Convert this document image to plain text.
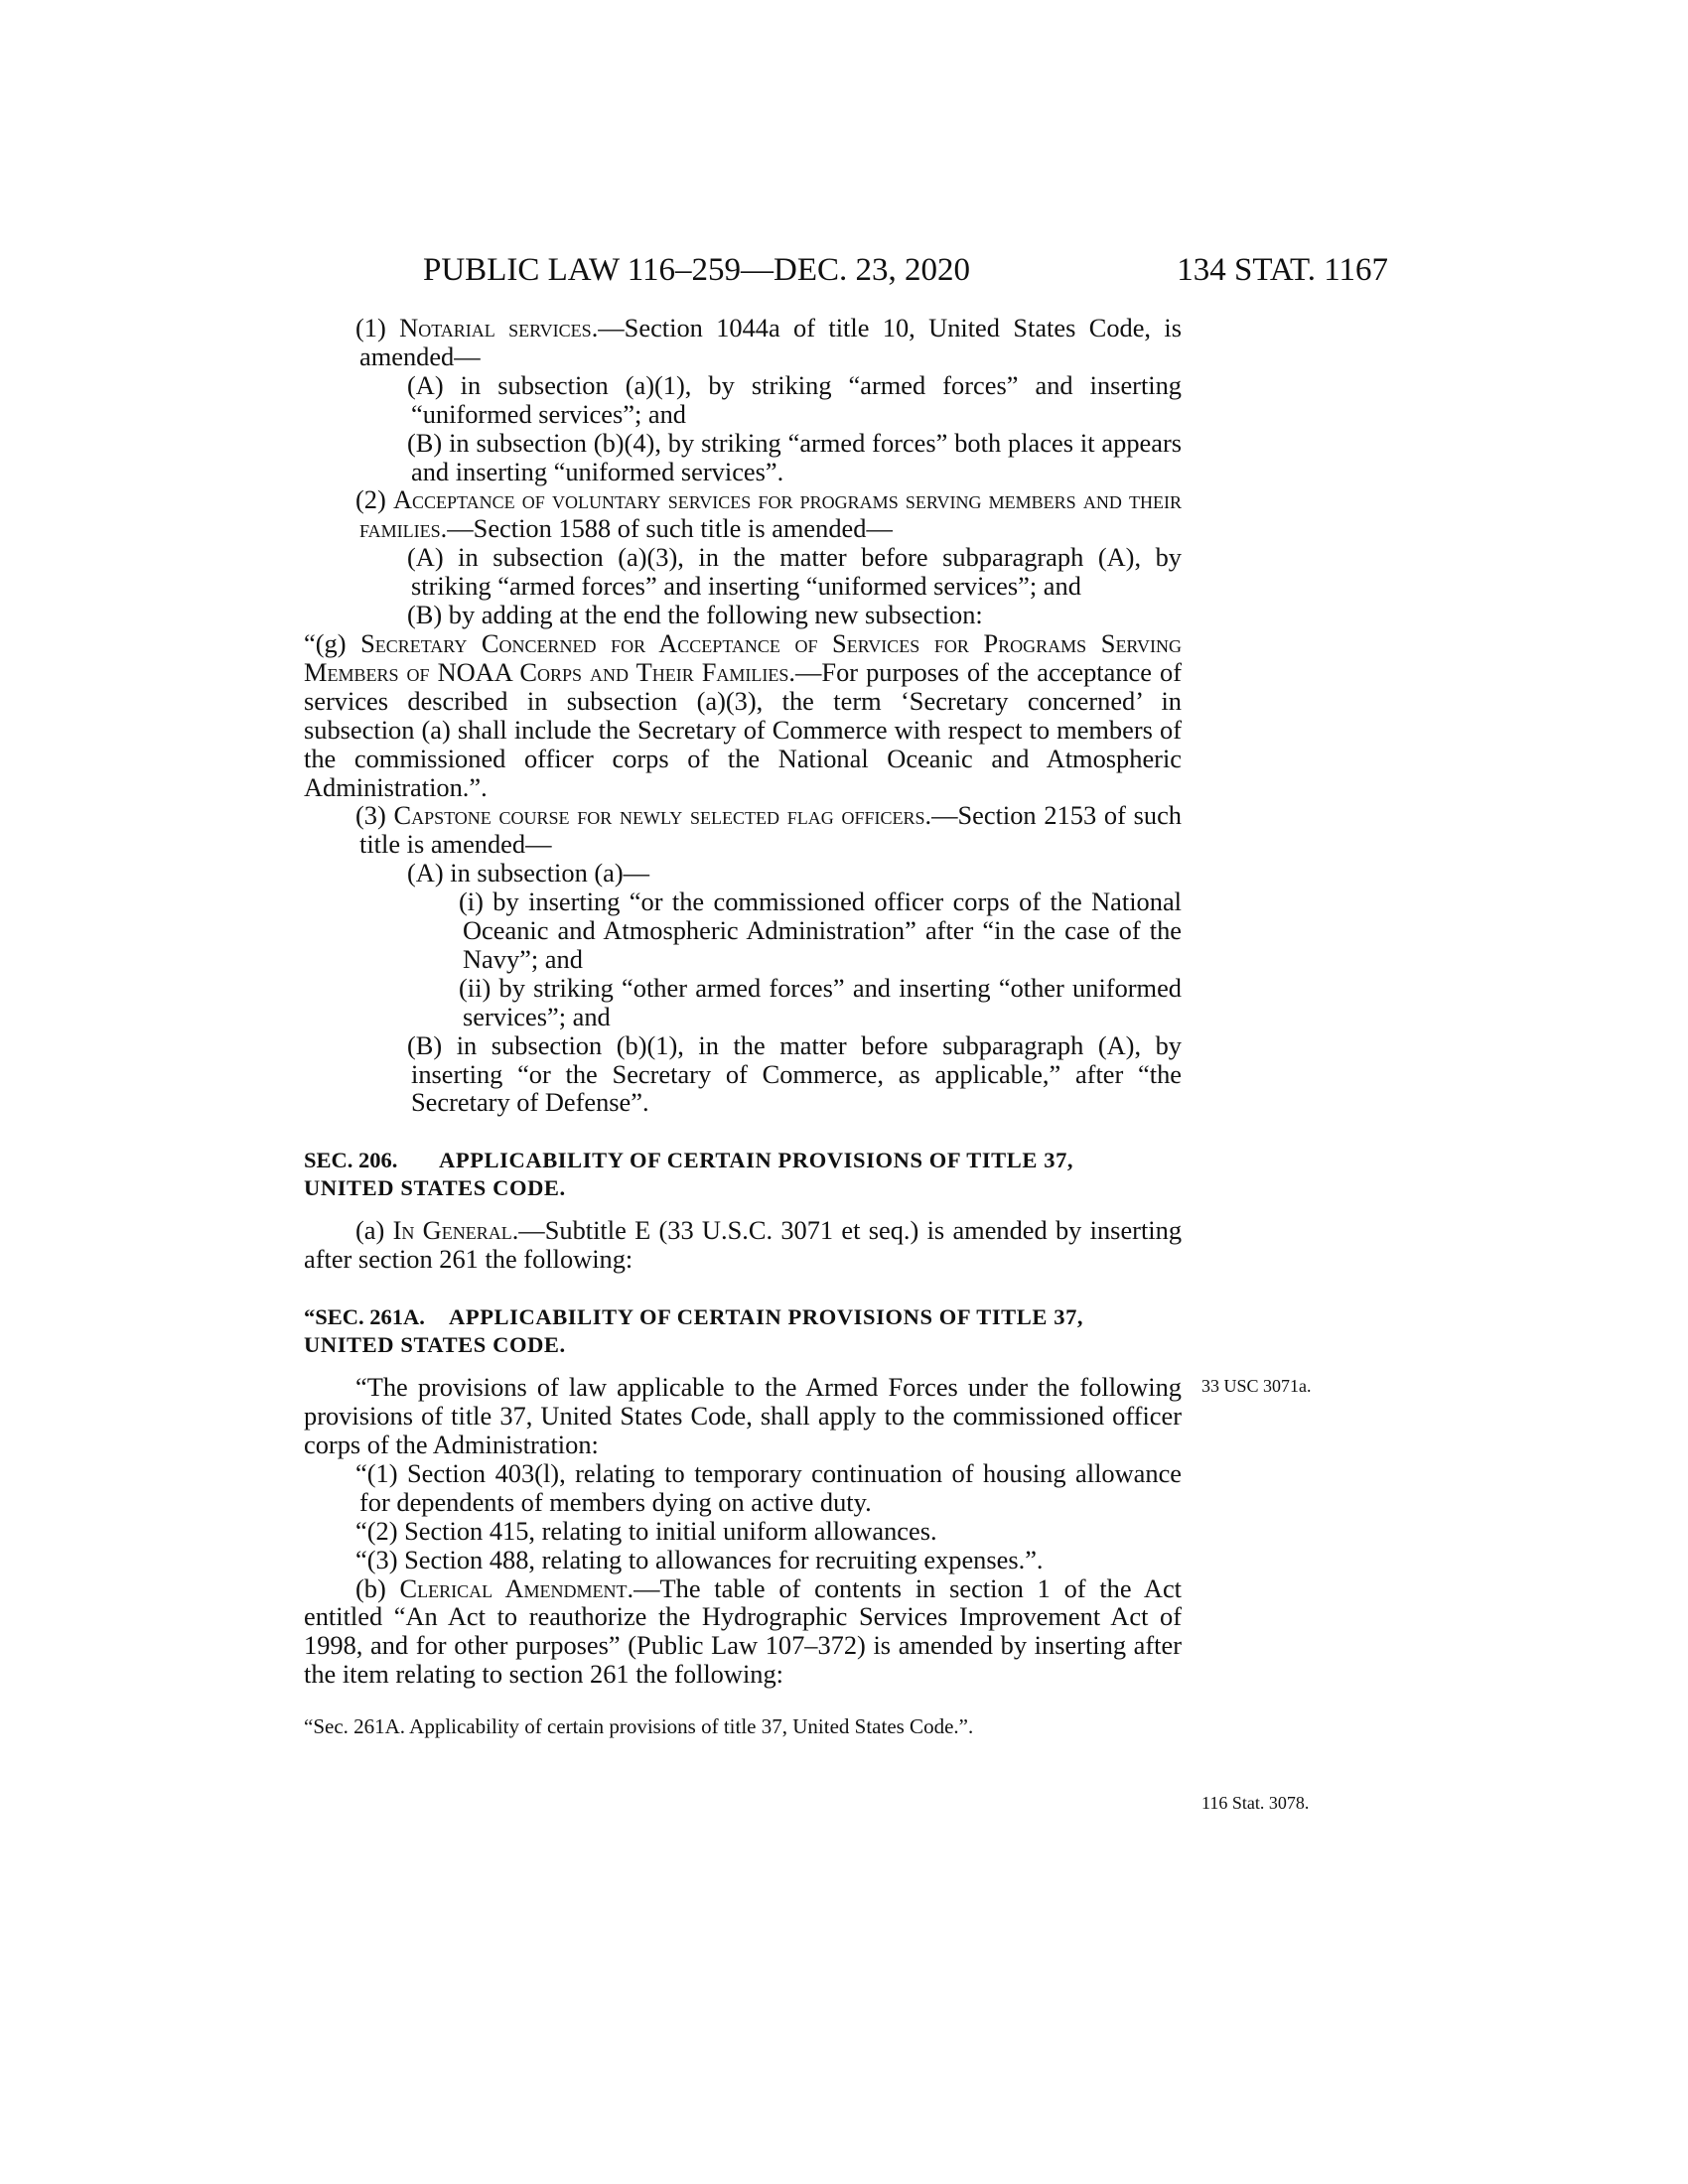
PUBLIC LAW 116–259—DEC. 23, 2020	134 STAT. 1167

(1) Notarial services.—Section 1044a of title 10, United States Code, is amended—

(A) in subsection (a)(1), by striking “armed forces” and inserting “uniformed services”; and

(B) in subsection (b)(4), by striking “armed forces” both places it appears and inserting “uniformed services”.

(2) Acceptance of voluntary services for programs serving members and their families.—Section 1588 of such title is amended—

(A) in subsection (a)(3), in the matter before subparagraph (A), by striking “armed forces” and inserting “uniformed services”; and

(B) by adding at the end the following new subsection:

“(g) Secretary Concerned for Acceptance of Services for Programs Serving Members of NOAA Corps and Their Families.—For purposes of the acceptance of services described in subsection (a)(3), the term ‘Secretary concerned’ in subsection (a) shall include the Secretary of Commerce with respect to members of the commissioned officer corps of the National Oceanic and Atmospheric Administration.”.

(3) Capstone course for newly selected flag officers.—Section 2153 of such title is amended—

(A) in subsection (a)—

(i) by inserting “or the commissioned officer corps of the National Oceanic and Atmospheric Administration” after “in the case of the Navy”; and

(ii) by striking “other armed forces” and inserting “other uniformed services”; and

(B) in subsection (b)(1), in the matter before subparagraph (A), by inserting “or the Secretary of Commerce, as applicable,” after “the Secretary of Defense”.

SEC. 206. APPLICABILITY OF CERTAIN PROVISIONS OF TITLE 37,
UNITED STATES CODE.

(a) In General.—Subtitle E (33 U.S.C. 3071 et seq.) is amended by inserting after section 261 the following:

“SEC. 261A. APPLICABILITY OF CERTAIN PROVISIONS OF TITLE 37,
UNITED STATES CODE.

“The provisions of law applicable to the Armed Forces under the following provisions of title 37, United States Code, shall apply to the commissioned officer corps of the Administration:

“(1) Section 403(l), relating to temporary continuation of housing allowance for dependents of members dying on active duty.

“(2) Section 415, relating to initial uniform allowances.

“(3) Section 488, relating to allowances for recruiting expenses.”.

(b) Clerical Amendment.—The table of contents in section 1 of the Act entitled “An Act to reauthorize the Hydrographic Services Improvement Act of 1998, and for other purposes” (Public Law 107–372) is amended by inserting after the item relating to section 261 the following:

“Sec. 261A. Applicability of certain provisions of title 37, United States Code.”.

33 USC 3071a.
116 Stat. 3078.
